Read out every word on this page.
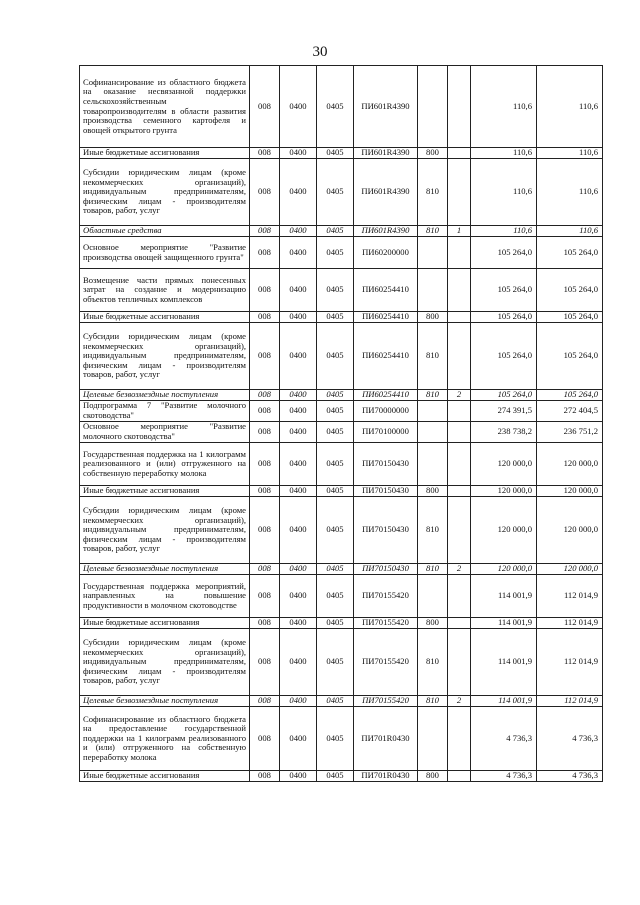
30
Софинансирование из областного бюджета на оказание несвязанной поддержки сельскохозяйственным товаропроизводителям в области развития производства семенного картофеля и овощей открытого грунта	008	0400	0405	ПИ601R4390			110,6	110,6
Иные бюджетные ассигнования	008	0400	0405	ПИ601R4390	800		110,6	110,6
Субсидии юридическим лицам (кроме некоммерческих организаций), индивидуальным предпринимателям, физическим лицам - производителям товаров, работ, услуг	008	0400	0405	ПИ601R4390	810		110,6	110,6
Областные средства	008	0400	0405	ПИ601R4390	810	1	110,6	110,6
Основное мероприятие "Развитие производства овощей защищенного грунта"	008	0400	0405	ПИ60200000			105 264,0	105 264,0
Возмещение части прямых понесенных затрат на создание и модернизацию объектов тепличных комплексов	008	0400	0405	ПИ60254410			105 264,0	105 264,0
Иные бюджетные ассигнования	008	0400	0405	ПИ60254410	800		105 264,0	105 264,0
Субсидии юридическим лицам (кроме некоммерческих организаций), индивидуальным предпринимателям, физическим лицам - производителям товаров, работ, услуг	008	0400	0405	ПИ60254410	810		105 264,0	105 264,0
Целевые безвозмездные поступления	008	0400	0405	ПИ60254410	810	2	105 264,0	105 264,0
Подпрограмма 7 "Развитие молочного скотоводства"	008	0400	0405	ПИ70000000			274 391,5	272 404,5
Основное мероприятие "Развитие молочного скотоводства"	008	0400	0405	ПИ70100000			238 738,2	236 751,2
Государственная поддержка на 1 килограмм реализованного и (или) отгруженного на собственную переработку молока	008	0400	0405	ПИ70150430			120 000,0	120 000,0
Иные бюджетные ассигнования	008	0400	0405	ПИ70150430	800		120 000,0	120 000,0
Субсидии юридическим лицам (кроме некоммерческих организаций), индивидуальным предпринимателям, физическим лицам - производителям товаров, работ, услуг	008	0400	0405	ПИ70150430	810		120 000,0	120 000,0
Целевые безвозмездные поступления	008	0400	0405	ПИ70150430	810	2	120 000,0	120 000,0
Государственная поддержка мероприятий, направленных на повышение продуктивности в молочном скотоводстве	008	0400	0405	ПИ70155420			114 001,9	112 014,9
Иные бюджетные ассигнования	008	0400	0405	ПИ70155420	800		114 001,9	112 014,9
Субсидии юридическим лицам (кроме некоммерческих организаций), индивидуальным предпринимателям, физическим лицам - производителям товаров, работ, услуг	008	0400	0405	ПИ70155420	810		114 001,9	112 014,9
Целевые безвозмездные поступления	008	0400	0405	ПИ70155420	810	2	114 001,9	112 014,9
Софинансирование из областного бюджета на предоставление государственной поддержки на 1 килограмм реализованного и (или) отгруженного на собственную переработку молока	008	0400	0405	ПИ701R0430			4 736,3	4 736,3
Иные бюджетные ассигнования	008	0400	0405	ПИ701R0430	800		4 736,3	4 736,3
